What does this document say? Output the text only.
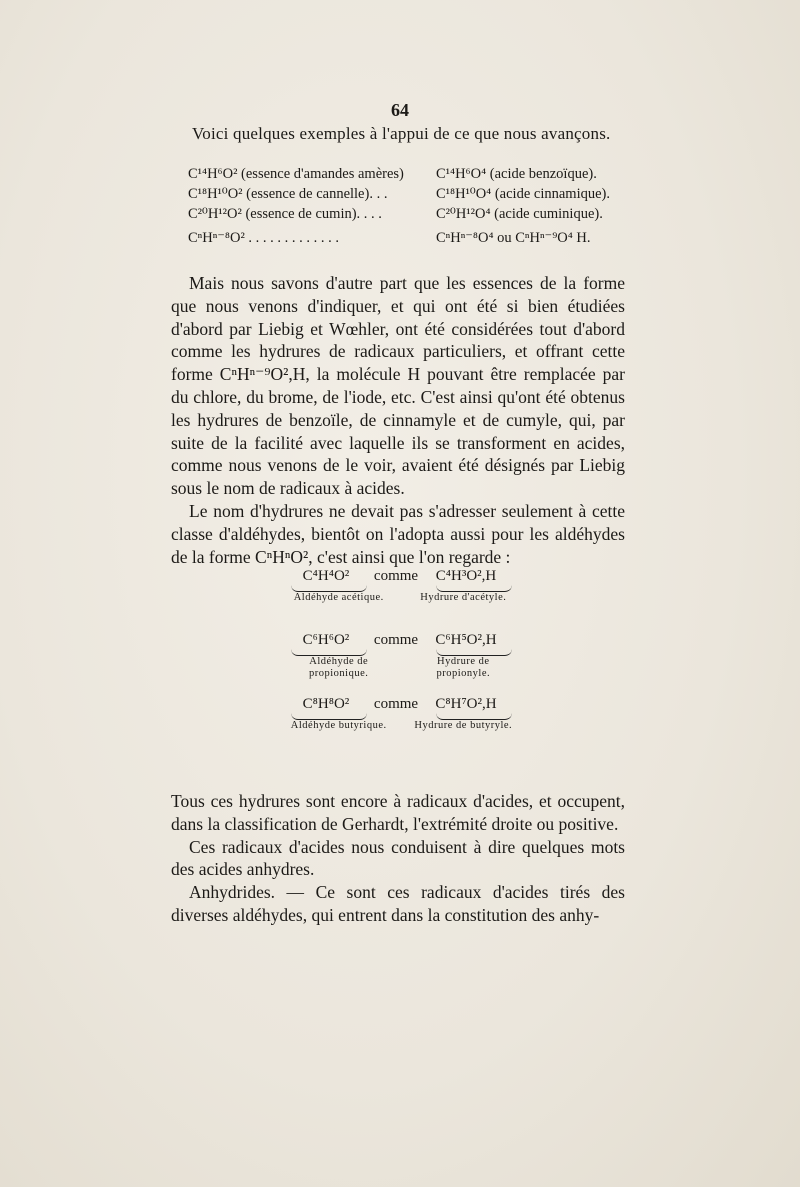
64
Voici quelques exemples à l'appui de ce que nous avançons.
C¹⁴H⁶O² (essence d'amandes amères) C¹⁴H⁶O⁴ (acide benzoïque).
C¹⁸H¹⁰O² (essence de cannelle). . .	C¹⁸H¹⁰O⁴ (acide cinnamique).
C²⁰H¹²O² (essence de cumin). . . .	C²⁰H¹²O⁴ (acide cuminique).
CⁿHⁿ⁻⁸O² . . . . . . . . . . . . .	CⁿHⁿ⁻⁸O⁴ ou CⁿHⁿ⁻⁹O⁴ H.

Mais nous savons d'autre part que les essences de la forme que nous venons d'indiquer, et qui ont été si bien étudiées d'abord par Liebig et Wœhler, ont été considérées tout d'abord comme les hydrures de radicaux particuliers, et offrant cette forme CⁿHⁿ⁻⁹O²,H, la molécule H pouvant être remplacée par du chlore, du brome, de l'iode, etc. C'est ainsi qu'ont été obtenus les hydrures de benzoïle, de cinnamyle et de cumyle, qui, par suite de la facilité avec laquelle ils se transforment en acides, comme nous venons de le voir, avaient été désignés par Liebig sous le nom de radicaux à acides.

Le nom d'hydrures ne devait pas s'adresser seulement à cette classe d'aldéhydes, bientôt on l'adopta aussi pour les aldéhydes de la forme CⁿHⁿO², c'est ainsi que l'on regarde :

C⁴H⁴O²	comme	C⁴H³O²,H
Aldéhyde acétique.	Hydrure d'acétyle.
C⁶H⁶O²	comme	C⁶H⁵O²,H
Aldéhyde de propionique.
Hydrure de propionyle.
C⁸H⁸O²	comme	C⁸H⁷O²,H
Aldéhyde butyrique.	Hydrure de butyryle.

Tous ces hydrures sont encore à radicaux d'acides, et occupent, dans la classification de Gerhardt, l'extrémité droite ou positive.

Ces radicaux d'acides nous conduisent à dire quelques mots des acides anhydres.

Anhydrides. — Ce sont ces radicaux d'acides tirés des diverses aldéhydes, qui entrent dans la constitution des anhy-
